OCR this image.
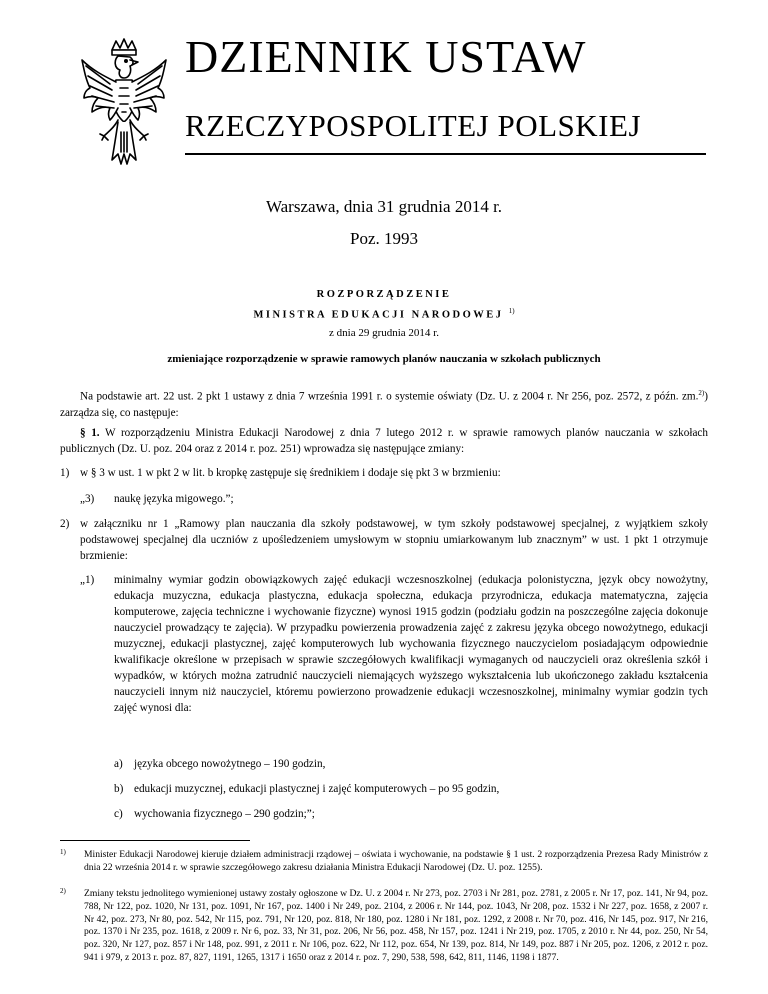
DZIENNIK USTAW
RZECZYPOSPOLITEJ POLSKIEJ
Warszawa, dnia 31 grudnia 2014 r.
Poz. 1993
ROZPORZĄDZENIE
MINISTRA EDUKACJI NARODOWEJ $^{1)}$
z dnia 29 grudnia 2014 r.
zmieniające rozporządzenie w sprawie ramowych planów nauczania w szkołach publicznych
Na podstawie art. 22 ust. 2 pkt 1 ustawy z dnia 7 września 1991 r. o systemie oświaty (Dz. U. z 2004 r. Nr 256, poz. 2572, z późn. zm.$^{2)}$) zarządza się, co następuje:
§ 1. W rozporządzeniu Ministra Edukacji Narodowej z dnia 7 lutego 2012 r. w sprawie ramowych planów nauczania w szkołach publicznych (Dz. U. poz. 204 oraz z 2014 r. poz. 251) wprowadza się następujące zmiany:
1) w § 3 w ust. 1 w pkt 2 w lit. b kropkę zastępuje się średnikiem i dodaje się pkt 3 w brzmieniu:
„3) naukę języka migowego.”;
2) w załączniku nr 1 „Ramowy plan nauczania dla szkoły podstawowej, w tym szkoły podstawowej specjalnej, z wyjątkiem szkoły podstawowej specjalnej dla uczniów z upośledzeniem umysłowym w stopniu umiarkowanym lub znacznym” w ust. 1 pkt 1 otrzymuje brzmienie:
„1) minimalny wymiar godzin obowiązkowych zajęć edukacji wczesnoszkolnej (edukacja polonistyczna, język obcy nowożytny, edukacja muzyczna, edukacja plastyczna, edukacja społeczna, edukacja przyrodnicza, edukacja matematyczna, zajęcia komputerowe, zajęcia techniczne i wychowanie fizyczne) wynosi 1915 godzin (podziału godzin na poszczególne zajęcia dokonuje nauczyciel prowadzący te zajęcia). W przypadku powierzenia prowadzenia zajęć z zakresu języka obcego nowożytnego, edukacji muzycznej, edukacji plastycznej, zajęć komputerowych lub wychowania fizycznego nauczycielom posiadającym odpowiednie kwalifikacje określone w przepisach w sprawie szczegółowych kwalifikacji wymaganych od nauczycieli oraz określenia szkół i wypadków, w których można zatrudnić nauczycieli niemających wyższego wykształcenia lub ukończonego zakładu kształcenia nauczycieli innym niż nauczyciel, któremu powierzono prowadzenie edukacji wczesnoszkolnej, minimalny wymiar godzin tych zajęć wynosi dla:
a) języka obcego nowożytnego – 190 godzin,
b) edukacji muzycznej, edukacji plastycznej i zajęć komputerowych – po 95 godzin,
c) wychowania fizycznego – 290 godzin;”;
1) Minister Edukacji Narodowej kieruje działem administracji rządowej – oświata i wychowanie, na podstawie § 1 ust. 2 rozporządzenia Prezesa Rady Ministrów z dnia 22 września 2014 r. w sprawie szczegółowego zakresu działania Ministra Edukacji Narodowej (Dz. U. poz. 1255).
2) Zmiany tekstu jednolitego wymienionej ustawy zostały ogłoszone w Dz. U. z 2004 r. Nr 273, poz. 2703 i Nr 281, poz. 2781, z 2005 r. Nr 17, poz. 141, Nr 94, poz. 788, Nr 122, poz. 1020, Nr 131, poz. 1091, Nr 167, poz. 1400 i Nr 249, poz. 2104, z 2006 r. Nr 144, poz. 1043, Nr 208, poz. 1532 i Nr 227, poz. 1658, z 2007 r. Nr 42, poz. 273, Nr 80, poz. 542, Nr 115, poz. 791, Nr 120, poz. 818, Nr 180, poz. 1280 i Nr 181, poz. 1292, z 2008 r. Nr 70, poz. 416, Nr 145, poz. 917, Nr 216, poz. 1370 i Nr 235, poz. 1618, z 2009 r. Nr 6, poz. 33, Nr 31, poz. 206, Nr 56, poz. 458, Nr 157, poz. 1241 i Nr 219, poz. 1705, z 2010 r. Nr 44, poz. 250, Nr 54, poz. 320, Nr 127, poz. 857 i Nr 148, poz. 991, z 2011 r. Nr 106, poz. 622, Nr 112, poz. 654, Nr 139, poz. 814, Nr 149, poz. 887 i Nr 205, poz. 1206, z 2012 r. poz. 941 i 979, z 2013 r. poz. 87, 827, 1191, 1265, 1317 i 1650 oraz z 2014 r. poz. 7, 290, 538, 598, 642, 811, 1146, 1198 i 1877.
